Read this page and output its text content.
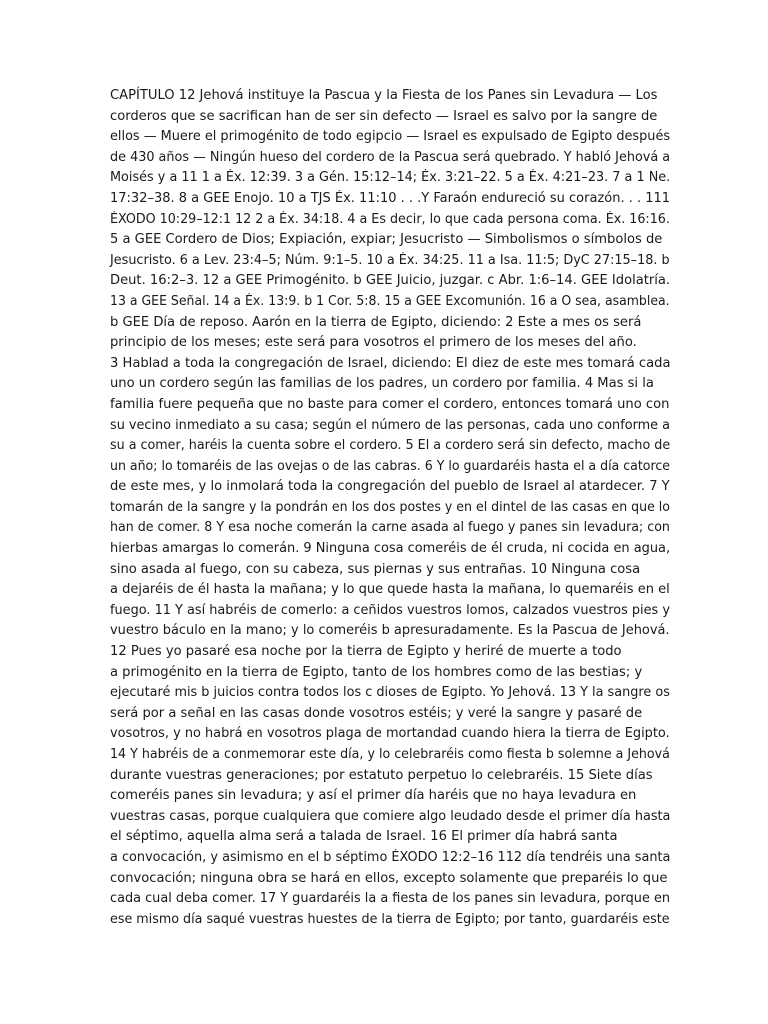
CAPÍTULO 12 Jehová instituye la Pascua y la Fiesta de los Panes sin Levadura — Los
corderos que se sacrifican han de ser sin defecto — Israel es salvo por la sangre de
ellos — Muere el primogénito de todo egipcio — Israel es expulsado de Egipto después
de 430 años — Ningún hueso del cordero de la Pascua será quebrado. Y habló Jehová a
Moisés y a 11 1 a Éx. 12:39. 3 a Gén. 15:12–14; Éx. 3:21–22. 5 a Éx. 4:21–23. 7 a 1 Ne.
17:32–38. 8 a GEE Enojo. 10 a TJS Éx. 11:10 . . .Y Faraón endureció su corazón. . . 111
ÉXODO 10:29–12:1 12 2 a Éx. 34:18. 4 a Es decir, lo que cada persona coma. Éx. 16:16.
5 a GEE Cordero de Dios; Expiación, expiar; Jesucristo — Simbolismos o símbolos de
Jesucristo. 6 a Lev. 23:4–5; Núm. 9:1–5. 10 a Éx. 34:25. 11 a Isa. 11:5; DyC 27:15–18. b
Deut. 16:2–3. 12 a GEE Primogénito. b GEE Juicio, juzgar. c Abr. 1:6–14. GEE Idolatría.
13 a GEE Señal. 14 a Éx. 13:9. b 1 Cor. 5:8. 15 a GEE Excomunión. 16 a O sea, asamblea.
b GEE Día de reposo. Aarón en la tierra de Egipto, diciendo: 2 Este a mes os será
principio de los meses; este será para vosotros el primero de los meses del año.
3 Hablad a toda la congregación de Israel, diciendo: El diez de este mes tomará cada
uno un cordero según las familias de los padres, un cordero por familia. 4 Mas si la
familia fuere pequeña que no baste para comer el cordero, entonces tomará uno con
su vecino inmediato a su casa; según el número de las personas, cada uno conforme a
su a comer, haréis la cuenta sobre el cordero. 5 El a cordero será sin defecto, macho de
un año; lo tomaréis de las ovejas o de las cabras. 6 Y lo guardaréis hasta el a día catorce
de este mes, y lo inmolará toda la congregación del pueblo de Israel al atardecer. 7 Y
tomarán de la sangre y la pondrán en los dos postes y en el dintel de las casas en que lo
han de comer. 8 Y esa noche comerán la carne asada al fuego y panes sin levadura; con
hierbas amargas lo comerán. 9 Ninguna cosa comeréis de él cruda, ni cocida en agua,
sino asada al fuego, con su cabeza, sus piernas y sus entrañas. 10 Ninguna cosa
a dejaréis de él hasta la mañana; y lo que quede hasta la mañana, lo quemaréis en el
fuego. 11 Y así habréis de comerlo: a ceñidos vuestros lomos, calzados vuestros pies y
vuestro báculo en la mano; y lo comeréis b apresuradamente. Es la Pascua de Jehová.
12 Pues yo pasaré esa noche por la tierra de Egipto y heriré de muerte a todo
a primogénito en la tierra de Egipto, tanto de los hombres como de las bestias; y
ejecutaré mis b juicios contra todos los c dioses de Egipto. Yo Jehová. 13 Y la sangre os
será por a señal en las casas donde vosotros estéis; y veré la sangre y pasaré de
vosotros, y no habrá en vosotros plaga de mortandad cuando hiera la tierra de Egipto.
14 Y habréis de a conmemorar este día, y lo celebraréis como fiesta b solemne a Jehová
durante vuestras generaciones; por estatuto perpetuo lo celebraréis. 15 Siete días
comeréis panes sin levadura; y así el primer día haréis que no haya levadura en
vuestras casas, porque cualquiera que comiere algo leudado desde el primer día hasta
el séptimo, aquella alma será a talada de Israel. 16 El primer día habrá santa
a convocación, y asimismo en el b séptimo ÉXODO 12:2–16 112 día tendréis una santa
convocación; ninguna obra se hará en ellos, excepto solamente que preparéis lo que
cada cual deba comer. 17 Y guardaréis la a fiesta de los panes sin levadura, porque en
ese mismo día saqué vuestras huestes de la tierra de Egipto; por tanto, guardaréis este
